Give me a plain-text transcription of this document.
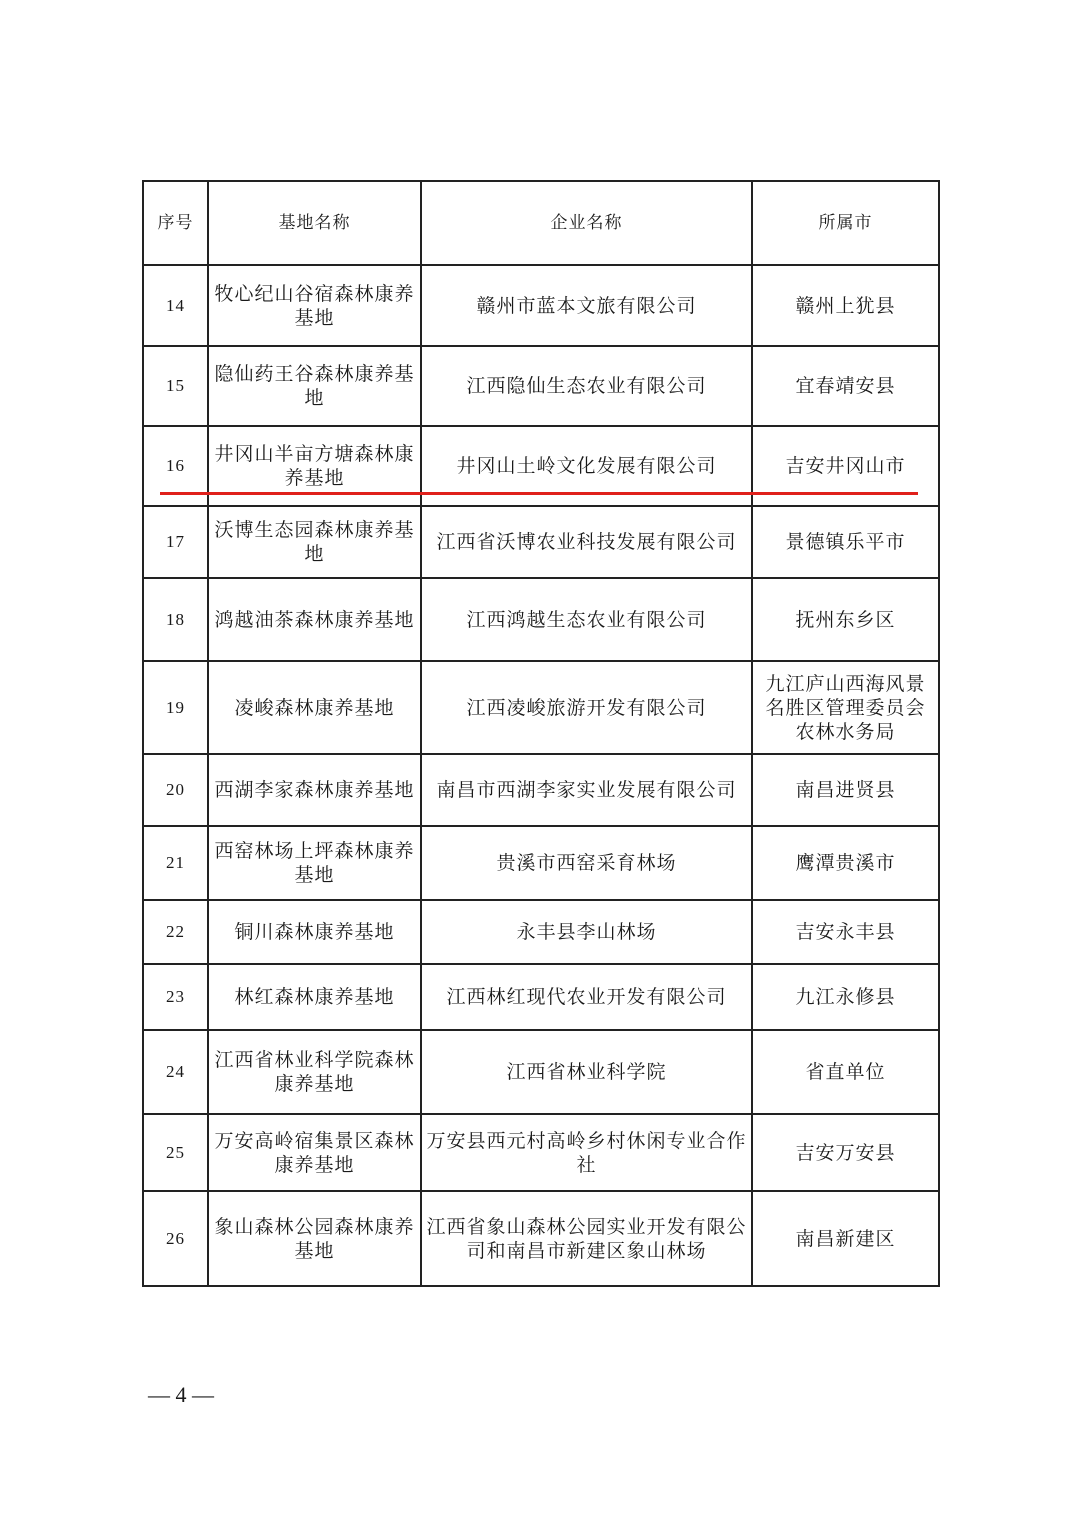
序号	基地名称	企业名称	所属市
14	牧心纪山谷宿森林康养基地	赣州市蓝本文旅有限公司	赣州上犹县
15	隐仙药王谷森林康养基地	江西隐仙生态农业有限公司	宜春靖安县
16	井冈山半亩方塘森林康养基地	井冈山土岭文化发展有限公司	吉安井冈山市
17	沃博生态园森林康养基地	江西省沃博农业科技发展有限公司	景德镇乐平市
18	鸿越油茶森林康养基地	江西鸿越生态农业有限公司	抚州东乡区
19	凌峻森林康养基地	江西凌峻旅游开发有限公司	九江庐山西海风景名胜区管理委员会农林水务局
20	西湖李家森林康养基地	南昌市西湖李家实业发展有限公司	南昌进贤县
21	西窑林场上坪森林康养基地	贵溪市西窑采育林场	鹰潭贵溪市
22	铜川森林康养基地	永丰县李山林场	吉安永丰县
23	林红森林康养基地	江西林红现代农业开发有限公司	九江永修县
24	江西省林业科学院森林康养基地	江西省林业科学院	省直单位
25	万安高岭宿集景区森林康养基地	万安县西元村高岭乡村休闲专业合作社	吉安万安县
26	象山森林公园森林康养基地	江西省象山森林公园实业开发有限公司和南昌市新建区象山林场	南昌新建区
— 4 —
